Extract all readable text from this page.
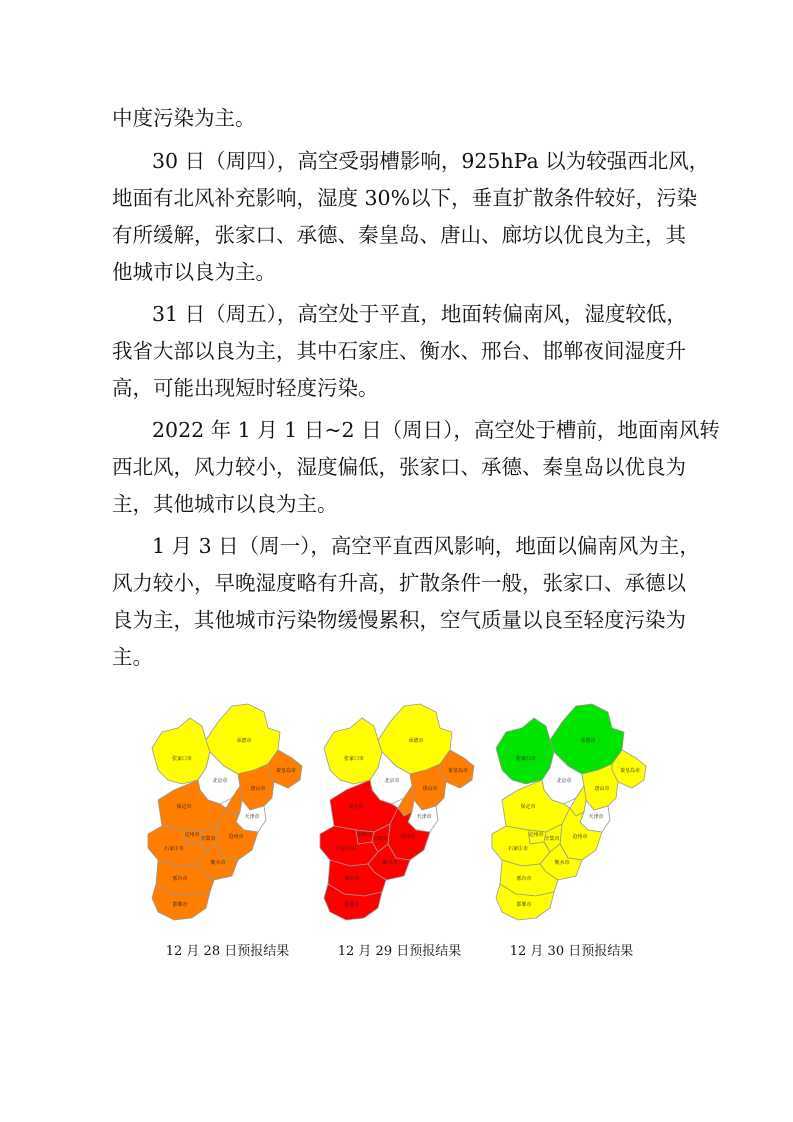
中度污染为主。

30 日（周四），高空受弱槽影响，925hPa 以为较强西北风，
地面有北风补充影响，湿度 30%以下，垂直扩散条件较好，污染
有所缓解，张家口、承德、秦皇岛、唐山、廊坊以优良为主，其
他城市以良为主。

31 日（周五），高空处于平直，地面转偏南风，湿度较低，
我省大部以良为主，其中石家庄、衡水、邢台、邯郸夜间湿度升
高，可能出现短时轻度污染。

2022 年 1 月 1 日~2 日（周日），高空处于槽前，地面南风转
西北风，风力较小，湿度偏低，张家口、承德、秦皇岛以优良为
主，其他城市以良为主。

1 月 3 日（周一），高空平直西风影响，地面以偏南风为主，
风力较小，早晚湿度略有升高，扩散条件一般，张家口、承德以
良为主，其他城市污染物缓慢累积，空气质量以良至轻度污染为
主。

张家口市
承德市
北京市
秦皇岛市
唐山市
天津市
保定市
定州市	沧州市
辛集市
石家庄市
衡水市
邢台市
邯郸市
张家口市
承德市
北京市
秦皇岛市
唐山市
天津市
保定市
定州市	沧州市
辛集市
石家庄市
衡水市
邢台市
邯郸市
张家口市
承德市
北京市
秦皇岛市
唐山市
天津市
保定市
定州市	沧州市
辛集市
石家庄市
衡水市
邢台市
邯郸市
12 月 28 日预报结果	12 月 29 日预报结果	12 月 30 日预报结果
